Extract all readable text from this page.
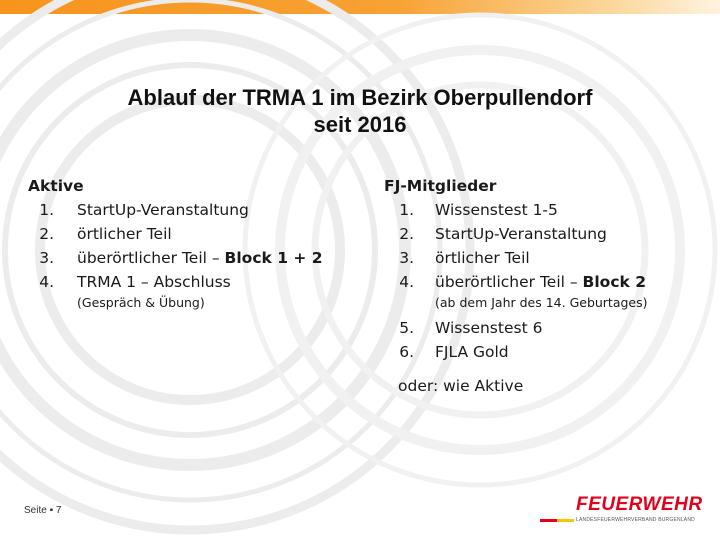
Ablauf der TRMA 1 im Bezirk Oberpullendorf
seit 2016
Aktive
1. StartUp-Veranstaltung
2. örtlicher Teil
3. überörtlicher Teil – Block 1 + 2
4. TRMA 1 – Abschluss
(Gespräch & Übung)
FJ-Mitglieder
1. Wissenstest 1-5
2. StartUp-Veranstaltung
3. örtlicher Teil
4. überörtlicher Teil – Block 2
(ab dem Jahr des 14. Geburtages)
5. Wissenstest 6
6. FJLA Gold
oder: wie Aktive
Seite ▪ 7	FEUERWEHR
LANDESFEUERWEHRVERBAND BURGENLAND
